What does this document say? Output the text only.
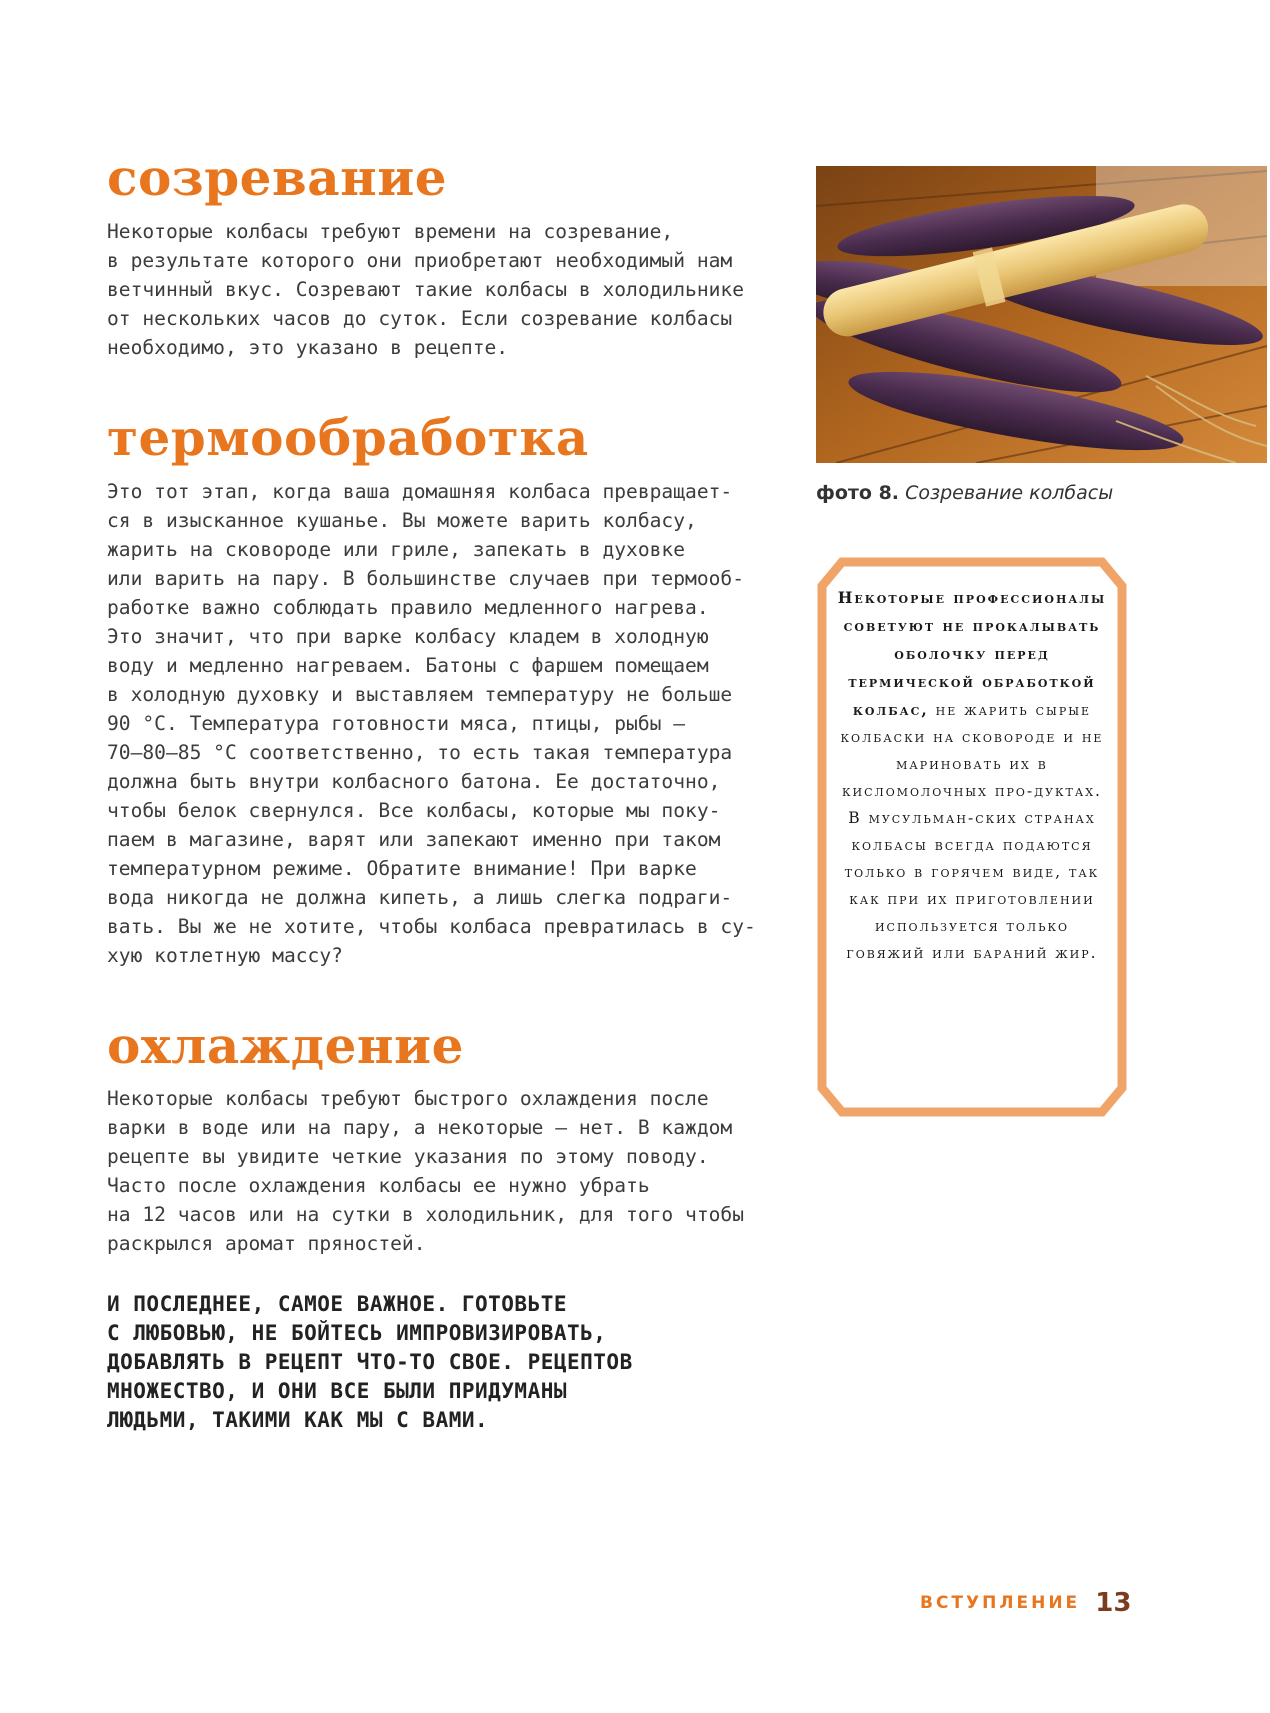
созревание

Некоторые колбасы требуют времени на созревание,
в результате которого они приобретают необходимый нам
ветчинный вкус. Созревают такие колбасы в холодильнике
от нескольких часов до суток. Если созревание колбасы
необходимо, это указано в рецепте.

термообработка

Это тот этап, когда ваша домашняя колбаса превращает-
ся в изысканное кушанье. Вы можете варить колбасу,
жарить на сковороде или гриле, запекать в духовке
или варить на пару. В большинстве случаев при термооб-
работке важно соблюдать правило медленного нагрева.
Это значит, что при варке колбасу кладем в холодную
воду и медленно нагреваем. Батоны с фаршем помещаем
в холодную духовку и выставляем температуру не больше
90 °С. Температура готовности мяса, птицы, рыбы –
70–80–85 °С соответственно, то есть такая температура
должна быть внутри колбасного батона. Ее достаточно,
чтобы белок свернулся. Все колбасы, которые мы поку-
паем в магазине, варят или запекают именно при таком
температурном режиме. Обратите внимание! При варке
вода никогда не должна кипеть, а лишь слегка подраги-
вать. Вы же не хотите, чтобы колбаса превратилась в су-
хую котлетную массу?

охлаждение

Некоторые колбасы требуют быстрого охлаждения после
варки в воде или на пару, а некоторые – нет. В каждом
рецепте вы увидите четкие указания по этому поводу.
Часто после охлаждения колбасы ее нужно убрать
на 12 часов или на сутки в холодильник, для того чтобы
раскрылся аромат пряностей.

И ПОСЛЕДНЕЕ, САМОЕ ВАЖНОЕ. ГОТОВЬТЕ
С ЛЮБОВЬЮ, НЕ БОЙТЕСЬ ИМПРОВИЗИРОВАТЬ,
ДОБАВЛЯТЬ В РЕЦЕПТ ЧТО-ТО СВОЕ. РЕЦЕПТОВ
МНОЖЕСТВО, И ОНИ ВСЕ БЫЛИ ПРИДУМАНЫ
ЛЮДЬМИ, ТАКИМИ КАК МЫ С ВАМИ.

фото 8. Созревание колбасы
Некоторые профессионалы советуют не прокалывать оболочку перед термической обработкой колбас, не жарить сырые колбаски на сковороде и не мариновать их в кисломолочных про-дуктах. В мусульман-ских странах колбасы всегда подаются только в горячем виде, так как при их приготовлении используется только говяжий или бараний жир.
ВСТУПЛЕНИЕ 13
